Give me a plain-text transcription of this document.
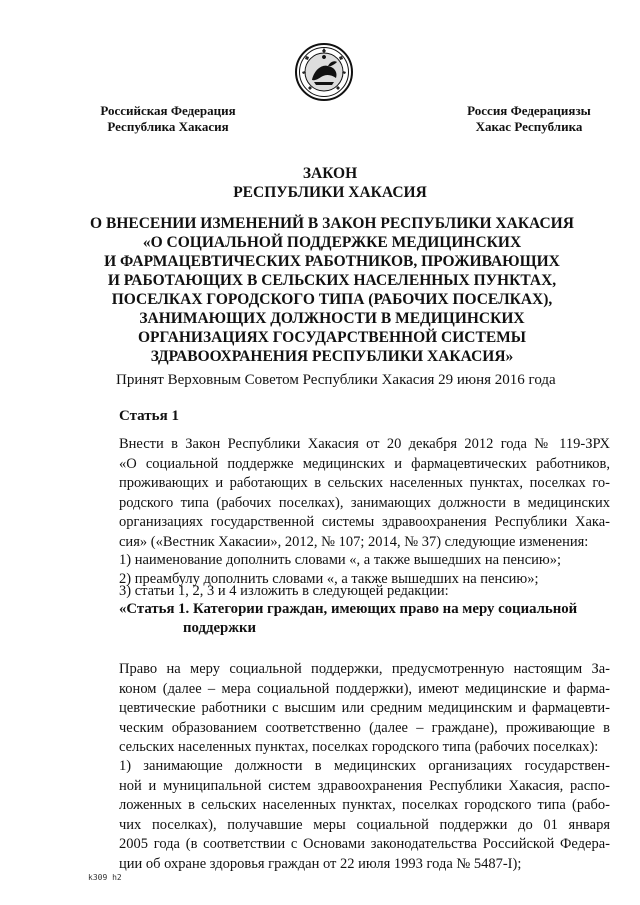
Российская Федерация
Республика Хакасия
Россия Федерациязы
Хакас Республика
ЗАКОН
РЕСПУБЛИКИ ХАКАСИЯ
О ВНЕСЕНИИ ИЗМЕНЕНИЙ В ЗАКОН РЕСПУБЛИКИ ХАКАСИЯ
«О СОЦИАЛЬНОЙ ПОДДЕРЖКЕ МЕДИЦИНСКИХ
И ФАРМАЦЕВТИЧЕСКИХ РАБОТНИКОВ, ПРОЖИВАЮЩИХ
И РАБОТАЮЩИХ В СЕЛЬСКИХ НАСЕЛЕННЫХ ПУНКТАХ,
ПОСЕЛКАХ ГОРОДСКОГО ТИПА (РАБОЧИХ ПОСЕЛКАХ),
ЗАНИМАЮЩИХ ДОЛЖНОСТИ В МЕДИЦИНСКИХ
ОРГАНИЗАЦИЯХ ГОСУДАРСТВЕННОЙ СИСТЕМЫ
ЗДРАВООХРАНЕНИЯ РЕСПУБЛИКИ ХАКАСИЯ»
Принят Верховным Советом Республики Хакасия 29 июня 2016 года
Статья 1
Внести в Закон Республики Хакасия от 20 декабря 2012 года № 119-ЗРХ
«О социальной поддержке медицинских и фармацевтических работников,
проживающих и работающих в сельских населенных пунктах, поселках го-
родского типа (рабочих поселках), занимающих должности в медицинских
организациях государственной системы здравоохранения Республики Хака-
сия» («Вестник Хакасии», 2012, № 107; 2014, № 37) следующие изменения:
1) наименование дополнить словами «, а также вышедших на пенсию»;
2) преамбулу дополнить словами «, а также вышедших на пенсию»;
3) статьи 1, 2, 3 и 4 изложить в следующей редакции:
«Статья 1. Категории граждан, имеющих право на меру социальной
поддержки
Право на меру социальной поддержки, предусмотренную настоящим За-
коном (далее – мера социальной поддержки), имеют медицинские и фарма-
цевтические работники с высшим или средним медицинским и фармацевти-
ческим образованием соответственно (далее – граждане), проживающие в
сельских населенных пунктах, поселках городского типа (рабочих поселках):
1) занимающие должности в медицинских организациях государствен-
ной и муниципальной систем здравоохранения Республики Хакасия, распо-
ложенных в сельских населенных пунктах, поселках городского типа (рабо-
чих поселках), получавшие меры социальной поддержки до 01 января
2005 года (в соответствии с Основами законодательства Российской Федера-
ции об охране здоровья граждан от 22 июля 1993 года № 5487-I);
k309 h2
